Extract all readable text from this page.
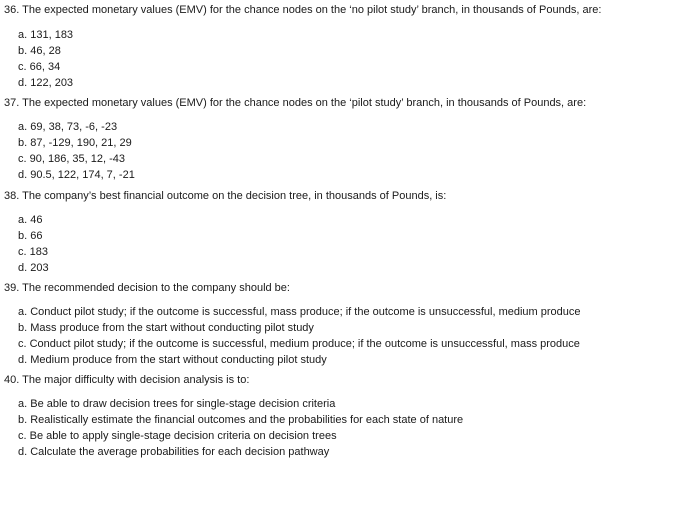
36. The expected monetary values (EMV) for the chance nodes on the ‘no pilot study’ branch, in thousands of Pounds, are:
a. 131, 183
b. 46, 28
c. 66, 34
d. 122, 203
37. The expected monetary values (EMV) for the chance nodes on the ‘pilot study’ branch, in thousands of Pounds, are:
a. 69, 38, 73, -6, -23
b. 87, -129, 190, 21, 29
c. 90, 186, 35, 12, -43
d. 90.5, 122, 174, 7, -21
38. The company’s best financial outcome on the decision tree, in thousands of Pounds, is:
a. 46
b. 66
c. 183
d. 203
39. The recommended decision to the company should be:
a. Conduct pilot study; if the outcome is successful, mass produce; if the outcome is unsuccessful, medium produce
b. Mass produce from the start without conducting pilot study
c. Conduct pilot study; if the outcome is successful, medium produce; if the outcome is unsuccessful, mass produce
d. Medium produce from the start without conducting pilot study
40. The major difficulty with decision analysis is to:
a. Be able to draw decision trees for single-stage decision criteria
b. Realistically estimate the financial outcomes and the probabilities for each state of nature
c. Be able to apply single-stage decision criteria on decision trees
d. Calculate the average probabilities for each decision pathway
